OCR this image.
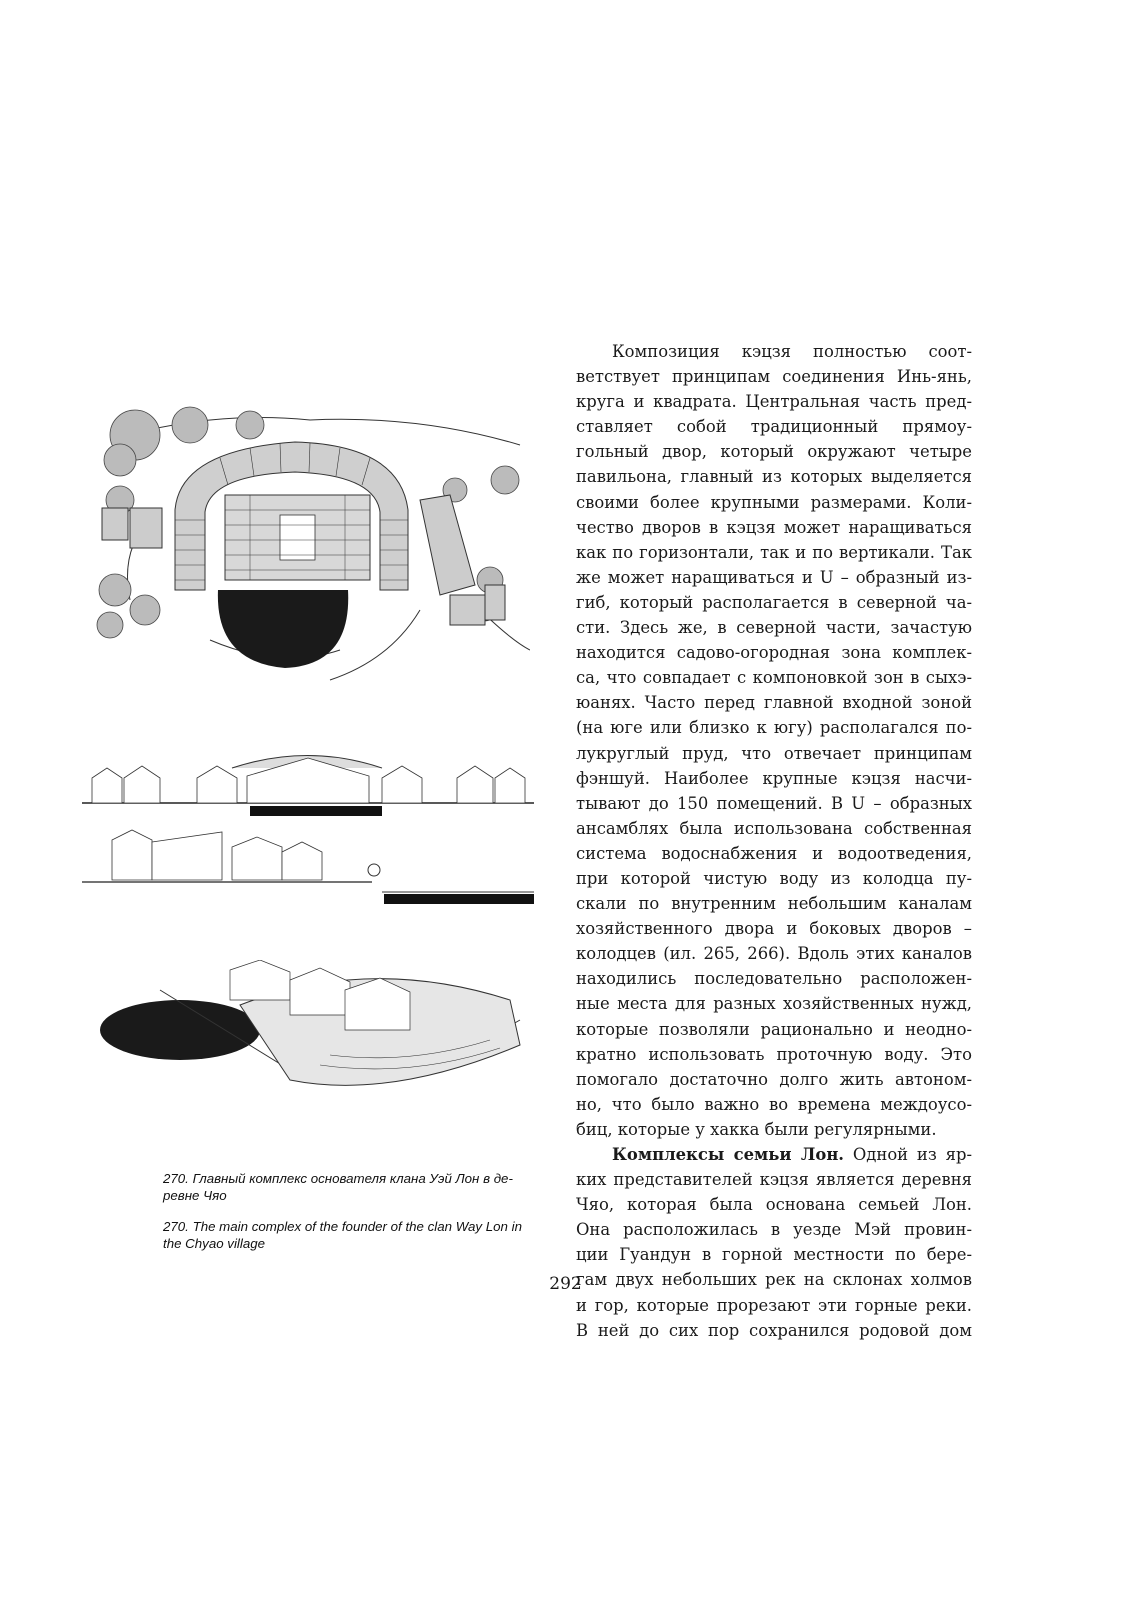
270. Главный комплекс основателя клана Уэй Лон в де-
ревне Чяо
270. The main complex of the founder of the clan Way Lon in
the Chyao village
Композиция кэцзя полностью соот-
ветствует принципам соединения Инь-янь,
круга и квадрата. Центральная часть пред-
ставляет собой традиционный прямоу-
гольный двор, который окружают четыре
павильона, главный из которых выделяется
своими более крупными размерами. Коли-
чество дворов в кэцзя может наращиваться
как по горизонтали, так и по вертикали. Так
же может наращиваться и U – образный из-
гиб, который располагается в северной ча-
сти. Здесь же, в северной части, зачастую
находится садово-огородная зона комплек-
са, что совпадает с компоновкой зон в сыхэ-
юанях. Часто перед главной входной зоной
(на юге или близко к югу) располагался по-
лукруглый пруд, что отвечает принципам
фэншуй. Наиболее крупные кэцзя насчи-
тывают до 150 помещений. В U – образных
ансамблях была использована собственная
система водоснабжения и водоотведения,
при которой чистую воду из колодца пу-
скали по внутренним небольшим каналам
хозяйственного двора и боковых дворов –
колодцев (ил. 265, 266). Вдоль этих каналов
находились последовательно расположен-
ные места для разных хозяйственных нужд,
которые позволяли рационально и неодно-
кратно использовать проточную воду. Это
помогало достаточно долго жить автоном-
но, что было важно во времена междоусо-
биц, которые у хакка были регулярными.
Комплексы семьи Лон. Одной из яр-
ких представителей кэцзя является деревня
Чяо, которая была основана семьей Лон.
Она расположилась в уезде Мэй провин-
ции Гуандун в горной местности по бере-
гам двух небольших рек на склонах холмов
и гор, которые прорезают эти горные реки.
В ней до сих пор сохранился родовой дом
292
